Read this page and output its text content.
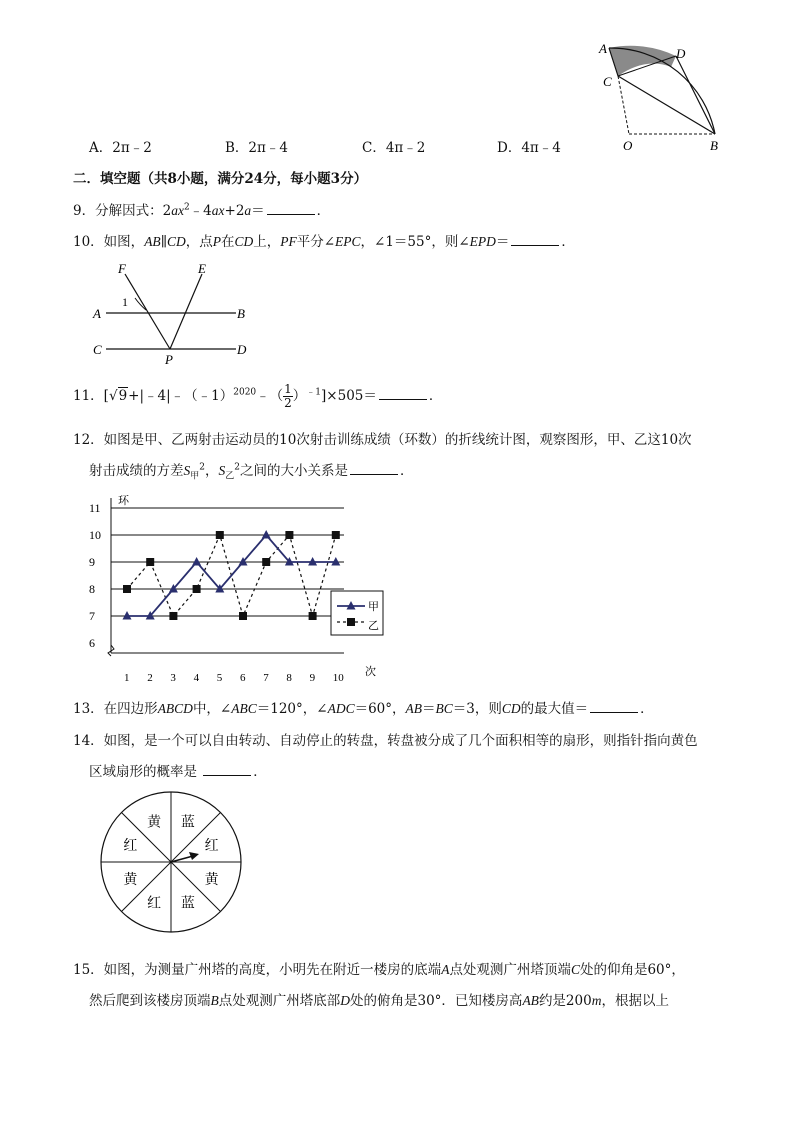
A	D
C
O	B
A．2π﹣2	B．2π﹣4	C．4π﹣2	D．4π﹣4
二．填空题（共8小题，满分24分，每小题3分）
9．分解因式：$2ax^2﹣4ax+2a=$	．
10．如图，AB∥CD，点P在CD上，PF平分∠EPC，∠1＝55°，则∠EPD＝	．
F	E
1
A	B
C
P
D
11．[√9+|﹣4|﹣（﹣1）$^{2020}$﹣（ $\frac{1}{2} )^{﹣1}]\times 505=$	．
12．如图是甲、乙两射击运动员的10次射击训练成绩（环数）的折线统计图，观察图形，甲、乙这10次
射击成绩的方差$S_甲^2$，$S_乙^2$之间的大小关系是	．
6
7
8
9
10
11 环
1 2 3 4 5 6 7 8 9 10 次
甲
乙
13．在四边形ABCD中，∠ABC＝120°，∠ADC＝60°，AB＝BC＝3，则CD的最大值＝	．
14．如图，是一个可以自由转动、自动停止的转盘，转盘被分成了几个面积相等的扇形，则指针指向黄色
区域扇形的概率是	．
黄 蓝
红
黄
蓝
红
黄
红
15．如图，为测量广州塔的高度，小明先在附近一楼房的底端A点处观测广州塔顶端C处的仰角是60°，
然后爬到该楼房顶端B点处观测广州塔底部D处的俯角是30°．已知楼房高AB约是200m，根据以上
